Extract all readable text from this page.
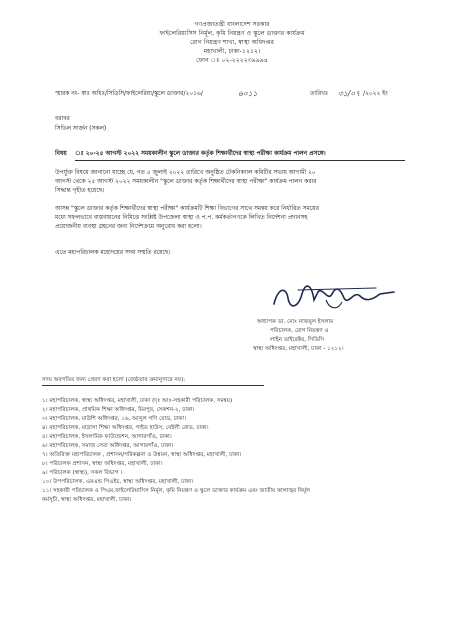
গণপ্রজাতন্ত্রী বাংলাদেশ সরকার
ফাইলেরিয়াসিস নির্মূল, কৃমি নিয়ন্ত্রণ ও স্কুলে ডাক্তার কার্যক্রম
রোগ নিয়ন্ত্রণ শাখা, স্বাস্থ্য অধিদপ্তর
মহাখালী, ঢাকা-১২১২।
ফোন ঃ ০২-২২২২৩৯৯৯৪
স্মারক নং- স্বাঃ অধিঃ/সিডিসি/ফাইলেরিয়া/স্কুলে ডাক্তার/২০১৬/	৬০১১	তারিখঃ ৩১/০৭ /২০২২ ইং
বরাবর
সিভিল সার্জন (সকল)
বিষয় ঃ ২০-২৫ আগস্ট ২০২২ সময়কালীন স্কুলে ডাক্তার কর্তৃক শিক্ষার্থীদের স্বাস্থ্য পরীক্ষা কার্যক্রম পালন প্রসঙ্গে।
উপর্যুক্ত বিষয়ে জানানো যাচ্ছে যে, গত ৫ জুলাই ২০২২ তারিখে অনুষ্ঠিত টেকনিক্যাল কমিটির সভায় আগামী ২০
আগস্ট থেকে ২৫ আগস্ট ২০২২ সময়কালীন "স্কুলে ডাক্তার কর্তৃক শিক্ষার্থীদের স্বাস্থ্য পরীক্ষা" কার্যক্রম পালন করার
সিদ্ধান্ত গৃহীত হয়েছে।
আসন্ন "স্কুলে ডাক্তার কর্তৃক শিক্ষার্থীদের স্বাস্থ্য পরীক্ষা" কার্যক্রমটি শিক্ষা বিভাগের সাথে সমন্বয় করে নির্ধারিত সময়ের
মধ্যে সফলভাবে বাস্তবায়নের নিমিত্তে সংশ্লিষ্ট উপজেলা স্বাস্থ্য ও প.প. কর্মকর্তাগণকে লিখিত নির্দেশনা প্রদানসহ
প্রয়োজনীয় ব্যবস্থা গ্রহনের জন্য নির্দেশক্রমে অনুরোধ করা হলো।
এতে মহাপরিচালক মহোদয়ের সদয় সম্মতি রয়েছে।
অধ্যাপক ডা. মোঃ নাজমুল ইসলাম
পরিচালক, রোগ নিয়ন্ত্রণ ও
লাইন ডাইরেক্টর, সিডিসি
স্বাস্থ্য অধিদপ্তর, মহাখালী, ঢাকা - ১২১২।
সদয় অবগতির জন্য প্রেরণ করা হলো (জেষ্ঠতার ক্রমানুসারে নয়):
১। মহাপরিচালক, স্বাস্থ্য অধিদপ্তর, মহাখালী, ঢাকা (দৃঃ আঃ-সহকারী পরিচালক, সমন্বয়)
২। মহাপরিচালক, প্রাথমিক শিক্ষা অধিদপ্তর, মিরপুর, সেকশন-২, ঢাকা।
৩। মহাপরিচালক, মাউশি অধিদপ্তর, ১৬, আব্দুল গণি রোড, ঢাকা।
৪। মহাপরিচালক, মাদ্রাসা শিক্ষা অধিদপ্তর, গাইড হাউস, বেইলী রোড, ঢাকা।
৫। মহাপরিচালক, ইসলামিক ফাউন্ডেশন, আগারগাঁও, ঢাকা।
৬। মহাপরিচালক, সমাজ সেবা অধিদপ্তর, আগারগাঁও, ঢাকা।
৭। অতিরিক্ত মহাপরিচালক , প্রশাসন/পরিকল্পনা ও উন্নয়ন, স্বাস্থ্য অধিদপ্তর, মহাখালী, ঢাকা।
৮। পরিচালক প্রশাসন, স্বাস্থ্য অধিদপ্তর, মহাখালী, ঢাকা।
৯। পরিচালক (স্বাস্থ্য), সকল বিভাগ ।
১০। উপপরিচালক, এমএন্ড পিএইচ, স্বাস্থ্য অধিদপ্তর, মহাখালী, ঢাকা।
১১। সহকারী পরিচালক ও পিএম,ফাইলেরিয়াসিস নির্মূল, কৃমি নিয়ন্ত্রণ ও স্কুলে ডাক্তার কার্যক্রম এবং জাতীয় কালাজ্বর নির্মূল
কর্মসূচী, স্বাস্থ্য অধিদপ্তর, মহাখালী, ঢাকা।
